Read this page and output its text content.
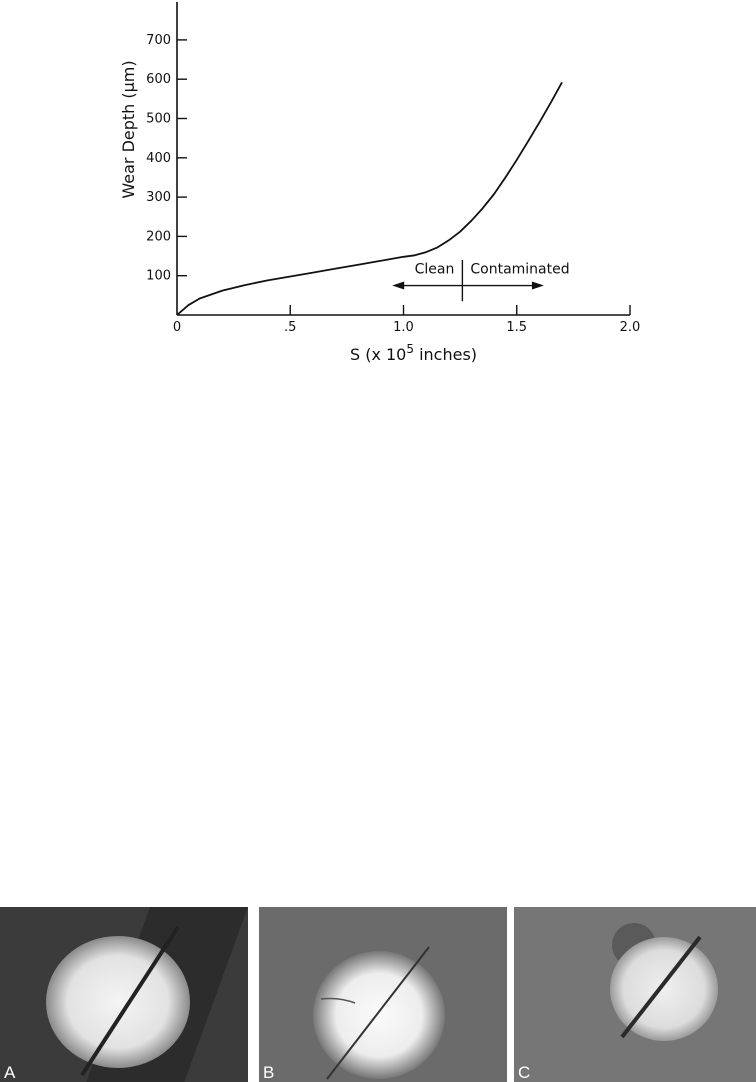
100
200
300
400
500
600
700
0	.5	1.0	1.5	2.0
Wear Depth (μm)
S (x $10^5$ inches)
Clean Contaminated
A	B	C
